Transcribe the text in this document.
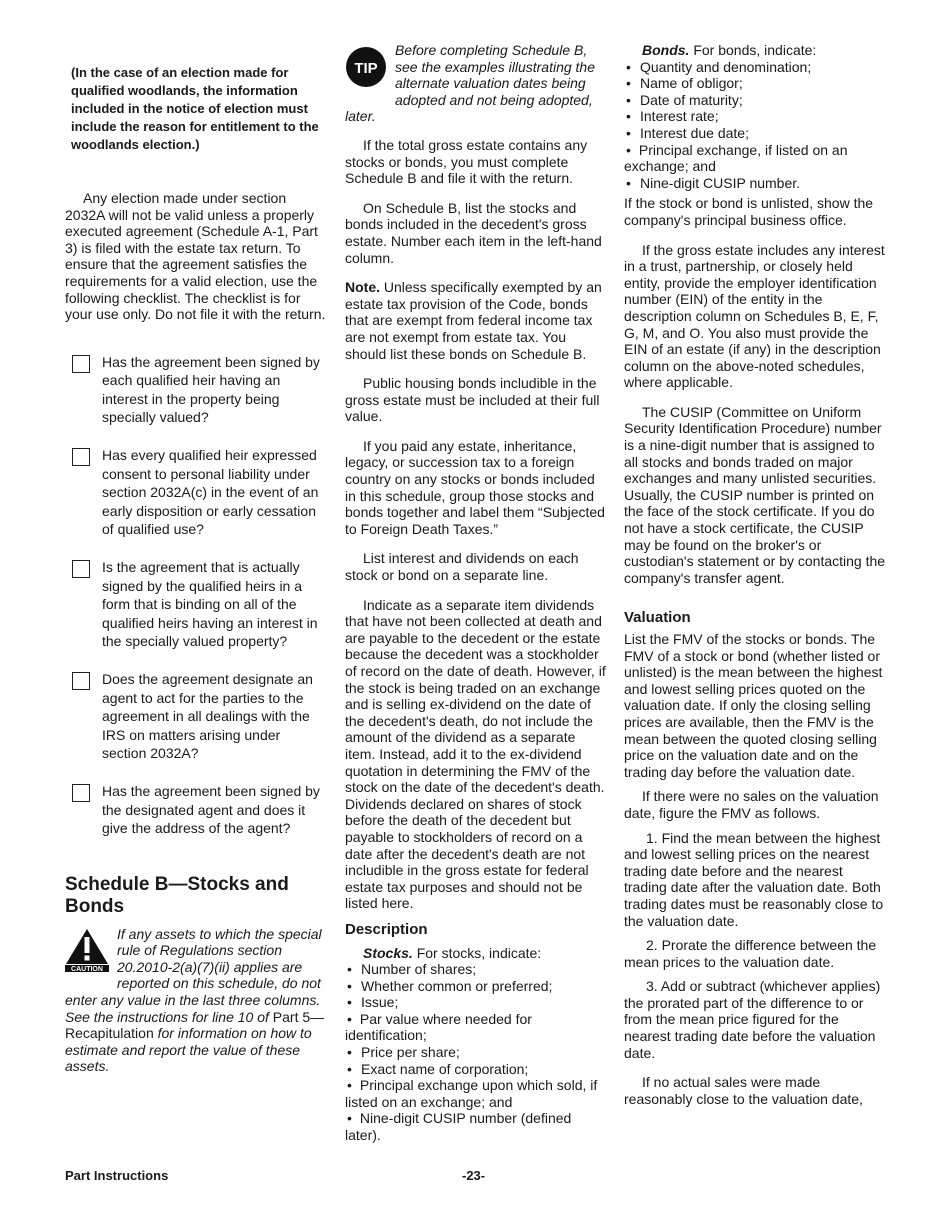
(In the case of an election made for qualified woodlands, the information included in the notice of election must include the reason for entitlement to the woodlands election.)

Any election made under section 2032A will not be valid unless a properly executed agreement (Schedule A-1, Part 3) is filed with the estate tax return. To ensure that the agreement satisfies the requirements for a valid election, use the following checklist. The checklist is for your use only. Do not file it with the return.

Has the agreement been signed by each qualified heir having an interest in the property being specially valued?
Has every qualified heir expressed consent to personal liability under section 2032A(c) in the event of an early disposition or early cessation of qualified use?
Is the agreement that is actually signed by the qualified heirs in a form that is binding on all of the qualified heirs having an interest in the specially valued property?
Does the agreement designate an agent to act for the parties to the agreement in all dealings with the IRS on matters arising under section 2032A?
Has the agreement been signed by the designated agent and does it give the address of the agent?
Schedule B—Stocks and Bonds
CAUTION
If any assets to which the special rule of Regulations section 20.2010-2(a)(7)(ii) applies are reported on this schedule, do not enter any value in the last three columns. See the instructions for line 10 of Part 5—Recapitulation for information on how to estimate and report the value of these assets.
TIP
Before completing Schedule B, see the examples illustrating the alternate valuation dates being adopted and not being adopted, later.

If the total gross estate contains any stocks or bonds, you must complete Schedule B and file it with the return.

On Schedule B, list the stocks and bonds included in the decedent's gross estate. Number each item in the left-hand column.

Note. Unless specifically exempted by an estate tax provision of the Code, bonds that are exempt from federal income tax are not exempt from estate tax. You should list these bonds on Schedule B.

Public housing bonds includible in the gross estate must be included at their full value.

If you paid any estate, inheritance, legacy, or succession tax to a foreign country on any stocks or bonds included in this schedule, group those stocks and bonds together and label them “Subjected to Foreign Death Taxes.”

List interest and dividends on each stock or bond on a separate line.

Indicate as a separate item dividends that have not been collected at death and are payable to the decedent or the estate because the decedent was a stockholder of record on the date of death. However, if the stock is being traded on an exchange and is selling ex-dividend on the date of the decedent's death, do not include the amount of the dividend as a separate item. Instead, add it to the ex-dividend quotation in determining the FMV of the stock on the date of the decedent's death. Dividends declared on shares of stock before the death of the decedent but payable to stockholders of record on a date after the decedent's death are not includible in the gross estate for federal estate tax purposes and should not be listed here.

Description
Stocks. For stocks, indicate:
• Number of shares;
• Whether common or preferred;
• Issue;
• Par value where needed for identification;
• Price per share;
• Exact name of corporation;
• Principal exchange upon which sold, if listed on an exchange; and
• Nine-digit CUSIP number (defined later).
Bonds. For bonds, indicate:
• Quantity and denomination;
• Name of obligor;
• Date of maturity;
• Interest rate;
• Interest due date;
• Principal exchange, if listed on an exchange; and
• Nine-digit CUSIP number.

If the stock or bond is unlisted, show the company's principal business office.

If the gross estate includes any interest in a trust, partnership, or closely held entity, provide the employer identification number (EIN) of the entity in the description column on Schedules B, E, F, G, M, and O. You also must provide the EIN of an estate (if any) in the description column on the above-noted schedules, where applicable.

The CUSIP (Committee on Uniform Security Identification Procedure) number is a nine-digit number that is assigned to all stocks and bonds traded on major exchanges and many unlisted securities. Usually, the CUSIP number is printed on the face of the stock certificate. If you do not have a stock certificate, the CUSIP may be found on the broker's or custodian's statement or by contacting the company's transfer agent.

Valuation

List the FMV of the stocks or bonds. The FMV of a stock or bond (whether listed or unlisted) is the mean between the highest and lowest selling prices quoted on the valuation date. If only the closing selling prices are available, then the FMV is the mean between the quoted closing selling price on the valuation date and on the trading day before the valuation date.

If there were no sales on the valuation date, figure the FMV as follows.

1. Find the mean between the highest and lowest selling prices on the nearest trading date before and the nearest trading date after the valuation date. Both trading dates must be reasonably close to the valuation date.

2. Prorate the difference between the mean prices to the valuation date.

3. Add or subtract (whichever applies) the prorated part of the difference to or from the mean price figured for the nearest trading date before the valuation date.

If no actual sales were made reasonably close to the valuation date,

Part Instructions	-23-
